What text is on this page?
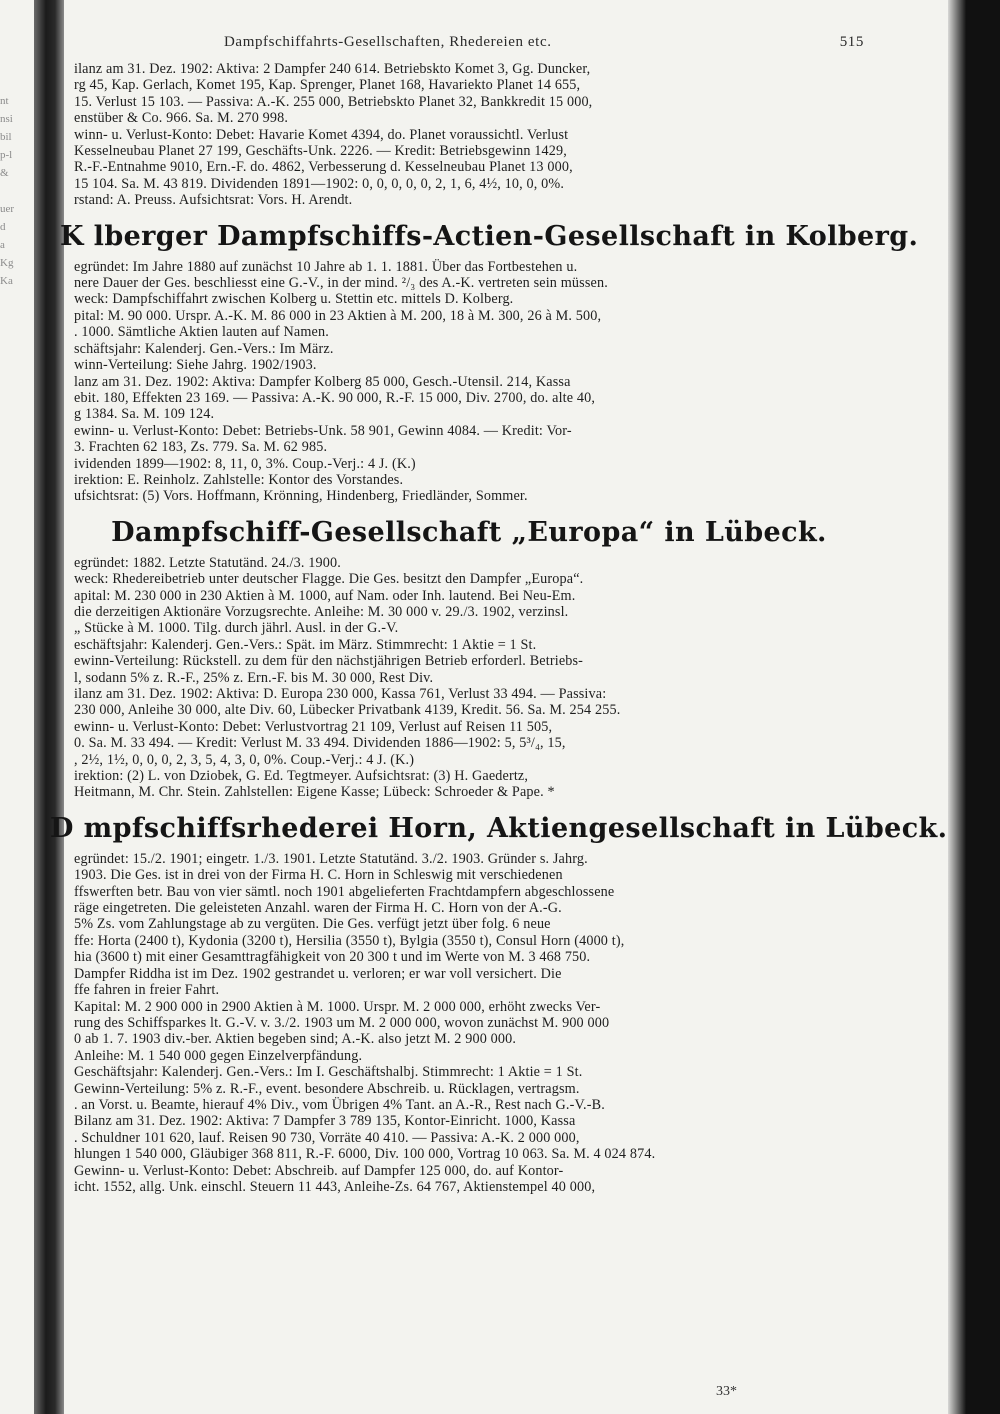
nt
nsi
bil
p-l
&
uer
d
a
Kg
Ka
Dampfschiffahrts-Gesellschaften, Rhedereien etc.	515
ilanz am 31. Dez. 1902: Aktiva: 2 Dampfer 240 614. Betriebskto Komet 3, Gg. Duncker,
rg 45, Kap. Gerlach, Komet 195, Kap. Sprenger, Planet 168, Havariekto Planet 14 655,
15. Verlust 15 103. — Passiva: A.-K. 255 000, Betriebskto Planet 32, Bankkredit 15 000,
enstüber & Co. 966. Sa. M. 270 998.
winn- u. Verlust-Konto: Debet: Havarie Komet 4394, do. Planet voraussichtl. Verlust
Kesselneubau Planet 27 199, Geschäfts-Unk. 2226. — Kredit: Betriebsgewinn 1429,
R.-F.-Entnahme 9010, Ern.-F. do. 4862, Verbesserung d. Kesselneubau Planet 13 000,
15 104. Sa. M. 43 819. Dividenden 1891—1902: 0, 0, 0, 0, 0, 2, 1, 6, 4½, 10, 0, 0%.
rstand: A. Preuss. Aufsichtsrat: Vors. H. Arendt.
K lberger Dampfschiffs-Actien-Gesellschaft in Kolberg.
egründet: Im Jahre 1880 auf zunächst 10 Jahre ab 1. 1. 1881. Über das Fortbestehen u.
nere Dauer der Ges. beschliesst eine G.-V., in der mind. ²/₃ des A.-K. vertreten sein müssen.
weck: Dampfschiffahrt zwischen Kolberg u. Stettin etc. mittels D. Kolberg.
pital: M. 90 000. Urspr. A.-K. M. 86 000 in 23 Aktien à M. 200, 18 à M. 300, 26 à M. 500,
. 1000. Sämtliche Aktien lauten auf Namen.
schäftsjahr: Kalenderj. Gen.-Vers.: Im März.
winn-Verteilung: Siehe Jahrg. 1902/1903.
lanz am 31. Dez. 1902: Aktiva: Dampfer Kolberg 85 000, Gesch.-Utensil. 214, Kassa
ebit. 180, Effekten 23 169. — Passiva: A.-K. 90 000, R.-F. 15 000, Div. 2700, do. alte 40,
g 1384. Sa. M. 109 124.
ewinn- u. Verlust-Konto: Debet: Betriebs-Unk. 58 901, Gewinn 4084. — Kredit: Vor-
3. Frachten 62 183, Zs. 779. Sa. M. 62 985.
ividenden 1899—1902: 8, 11, 0, 3%. Coup.-Verj.: 4 J. (K.)
irektion: E. Reinholz. Zahlstelle: Kontor des Vorstandes.
ufsichtsrat: (5) Vors. Hoffmann, Krönning, Hindenberg, Friedländer, Sommer.
Dampfschiff-Gesellschaft „Europa“ in Lübeck.
egründet: 1882. Letzte Statutänd. 24./3. 1900.
weck: Rhedereibetrieb unter deutscher Flagge. Die Ges. besitzt den Dampfer „Europa“.
apital: M. 230 000 in 230 Aktien à M. 1000, auf Nam. oder Inh. lautend. Bei Neu-Em.
die derzeitigen Aktionäre Vorzugsrechte. Anleihe: M. 30 000 v. 29./3. 1902, verzinsl.
„ Stücke à M. 1000. Tilg. durch jährl. Ausl. in der G.-V.
eschäftsjahr: Kalenderj. Gen.-Vers.: Spät. im März. Stimmrecht: 1 Aktie = 1 St.
ewinn-Verteilung: Rückstell. zu dem für den nächstjährigen Betrieb erforderl. Betriebs-
l, sodann 5% z. R.-F., 25% z. Ern.-F. bis M. 30 000, Rest Div.
ilanz am 31. Dez. 1902: Aktiva: D. Europa 230 000, Kassa 761, Verlust 33 494. — Passiva:
230 000, Anleihe 30 000, alte Div. 60, Lübecker Privatbank 4139, Kredit. 56. Sa. M. 254 255.
ewinn- u. Verlust-Konto: Debet: Verlustvortrag 21 109, Verlust auf Reisen 11 505,
0. Sa. M. 33 494. — Kredit: Verlust M. 33 494. Dividenden 1886—1902: 5, 5³/₄, 15,
, 2½, 1½, 0, 0, 0, 2, 3, 5, 4, 3, 0, 0%. Coup.-Verj.: 4 J. (K.)
irektion: (2) L. von Dziobek, G. Ed. Tegtmeyer. Aufsichtsrat: (3) H. Gaedertz,
Heitmann, M. Chr. Stein. Zahlstellen: Eigene Kasse; Lübeck: Schroeder & Pape. *
D mpfschiffsrhederei Horn, Aktiengesellschaft in Lübeck.
egründet: 15./2. 1901; eingetr. 1./3. 1901. Letzte Statutänd. 3./2. 1903. Gründer s. Jahrg.
1903. Die Ges. ist in drei von der Firma H. C. Horn in Schleswig mit verschiedenen
ffswerften betr. Bau von vier sämtl. noch 1901 abgelieferten Frachtdampfern abgeschlossene
räge eingetreten. Die geleisteten Anzahl. waren der Firma H. C. Horn von der A.-G.
5% Zs. vom Zahlungstage ab zu vergüten. Die Ges. verfügt jetzt über folg. 6 neue
ffe: Horta (2400 t), Kydonia (3200 t), Hersilia (3550 t), Bylgia (3550 t), Consul Horn (4000 t),
hia (3600 t) mit einer Gesamttragfähigkeit von 20 300 t und im Werte von M. 3 468 750.
Dampfer Riddha ist im Dez. 1902 gestrandet u. verloren; er war voll versichert. Die
ffe fahren in freier Fahrt.
Kapital: M. 2 900 000 in 2900 Aktien à M. 1000. Urspr. M. 2 000 000, erhöht zwecks Ver-
rung des Schiffsparkes lt. G.-V. v. 3./2. 1903 um M. 2 000 000, wovon zunächst M. 900 000
0 ab 1. 7. 1903 div.-ber. Aktien begeben sind; A.-K. also jetzt M. 2 900 000.
Anleihe: M. 1 540 000 gegen Einzelverpfändung.
Geschäftsjahr: Kalenderj. Gen.-Vers.: Im I. Geschäftshalbj. Stimmrecht: 1 Aktie = 1 St.
Gewinn-Verteilung: 5% z. R.-F., event. besondere Abschreib. u. Rücklagen, vertragsm.
. an Vorst. u. Beamte, hierauf 4% Div., vom Übrigen 4% Tant. an A.-R., Rest nach G.-V.-B.
Bilanz am 31. Dez. 1902: Aktiva: 7 Dampfer 3 789 135, Kontor-Einricht. 1000, Kassa
. Schuldner 101 620, lauf. Reisen 90 730, Vorräte 40 410. — Passiva: A.-K. 2 000 000,
hlungen 1 540 000, Gläubiger 368 811, R.-F. 6000, Div. 100 000, Vortrag 10 063. Sa. M. 4 024 874.
Gewinn- u. Verlust-Konto: Debet: Abschreib. auf Dampfer 125 000, do. auf Kontor-
icht. 1552, allg. Unk. einschl. Steuern 11 443, Anleihe-Zs. 64 767, Aktienstempel 40 000,
33*
